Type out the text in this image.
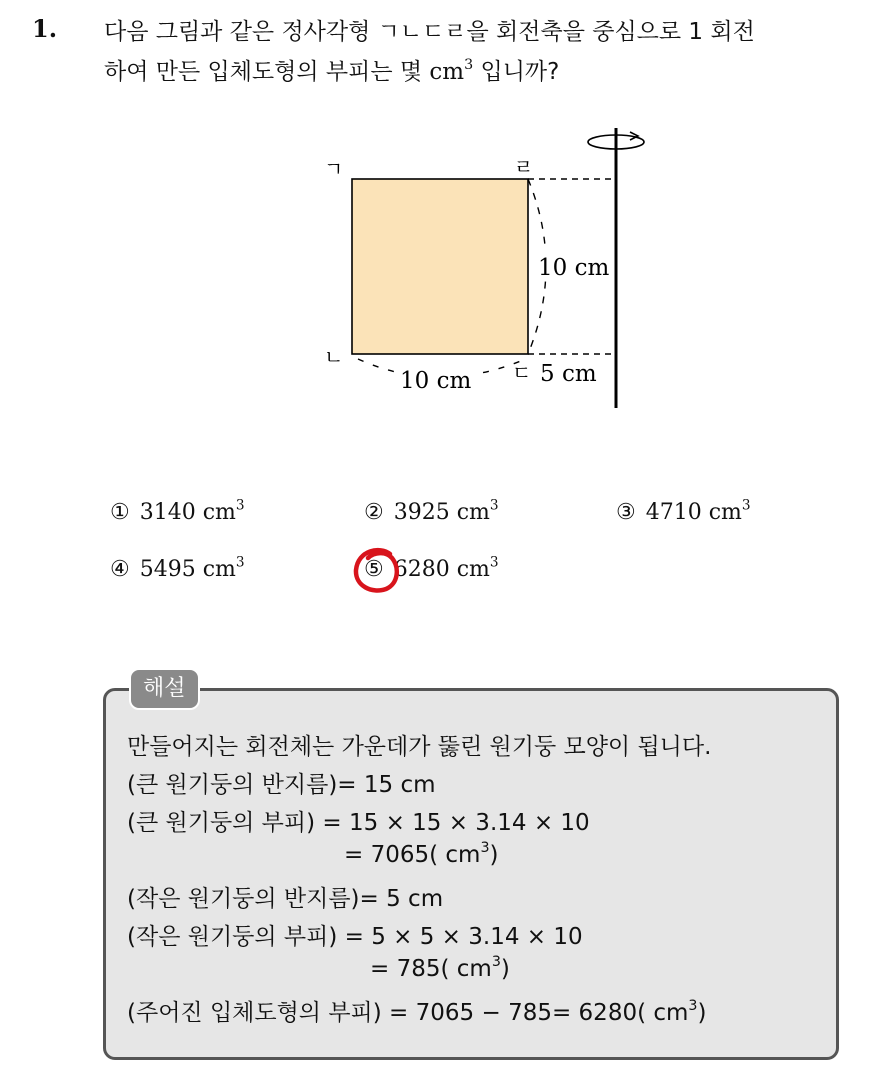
1. 다음 그림과 같은 정사각형 ㄱㄴㄷㄹ을 회전축을 중심으로 1 회전
하여 만든 입체도형의 부피는 몇 $cm^3$ 입니까?
ㄱ
ㄴ
ㄷ
ㄹ
10 cm
10 cm	5 cm
① 3140 $cm^3$	② 3925 $cm^3$	③ 4710 $cm^3$
④ 5495 $cm^3$	⑤ 6280 $cm^3$
해설
만들어지는 회전체는 가운데가 뚫린 원기둥 모양이 됩니다.
(큰 원기둥의 반지름)= 15 cm
(큰 원기둥의 부피) = 15 × 15 × 3.14 × 10
= 7065( $cm^3$)
(작은 원기둥의 반지름)= 5 cm
(작은 원기둥의 부피) = 5 × 5 × 3.14 × 10
= 785( $cm^3$)
(주어진 입체도형의 부피) = 7065 − 785= 6280( $cm^3$)
